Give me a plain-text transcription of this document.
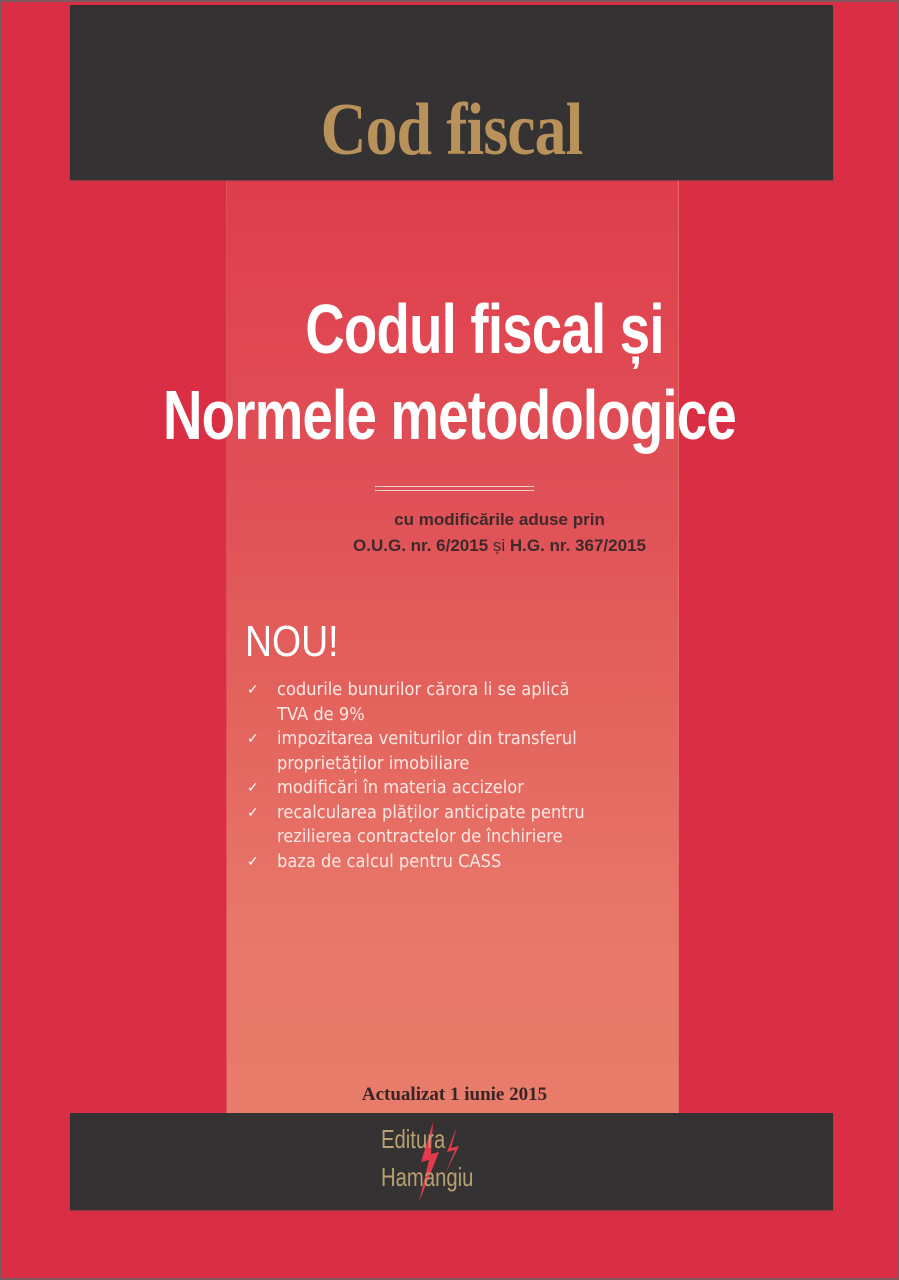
Cod fiscal
Codul fiscal și
Normele metodologice
cu modificările aduse prin
O.U.G. nr. 6/2015 și H.G. nr. 367/2015
NOU!
✓ codurile bunurilor cărora li se aplică
TVA de 9%
✓ impozitarea veniturilor din transferul
proprietăților imobiliare
✓ modificări în materia accizelor
✓ recalcularea plăților anticipate pentru
rezilierea contractelor de închiriere
✓ baza de calcul pentru CASS
Actualizat 1 iunie 2015
Editura
Hamangiu
